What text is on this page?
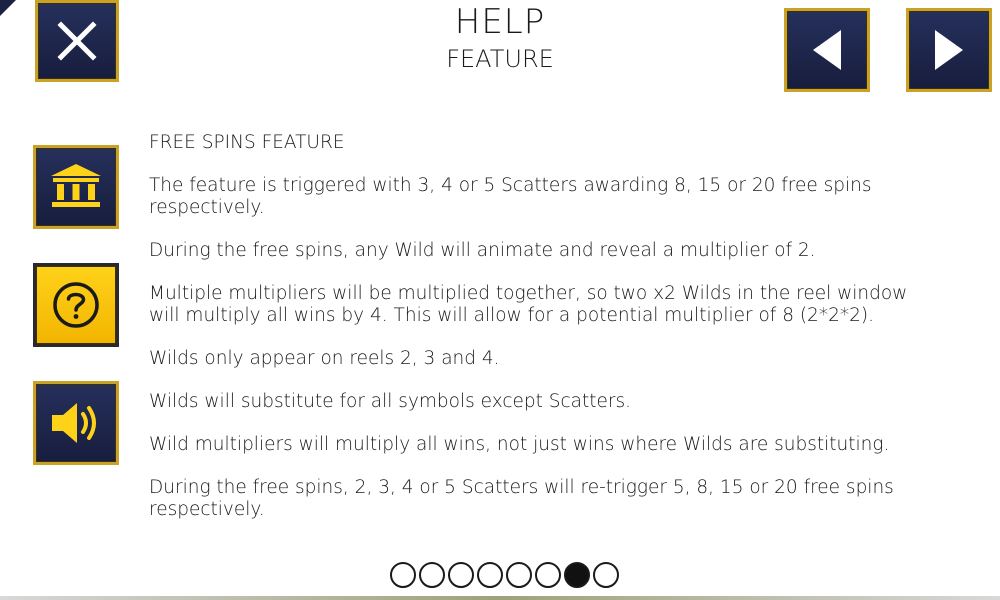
HELP
FEATURE
FREE SPINS FEATURE
The feature is triggered with 3, 4 or 5 Scatters awarding 8, 15 or 20 free spins respectively.
During the free spins, any Wild will animate and reveal a multiplier of 2.
Multiple multipliers will be multiplied together, so two x2 Wilds in the reel window will multiply all wins by 4. This will allow for a potential multiplier of 8 (2*2*2).
Wilds only appear on reels 2, 3 and 4.
Wilds will substitute for all symbols except Scatters.
Wild multipliers will multiply all wins, not just wins where Wilds are substituting.
During the free spins, 2, 3, 4 or 5 Scatters will re-trigger 5, 8, 15 or 20 free spins respectively.
